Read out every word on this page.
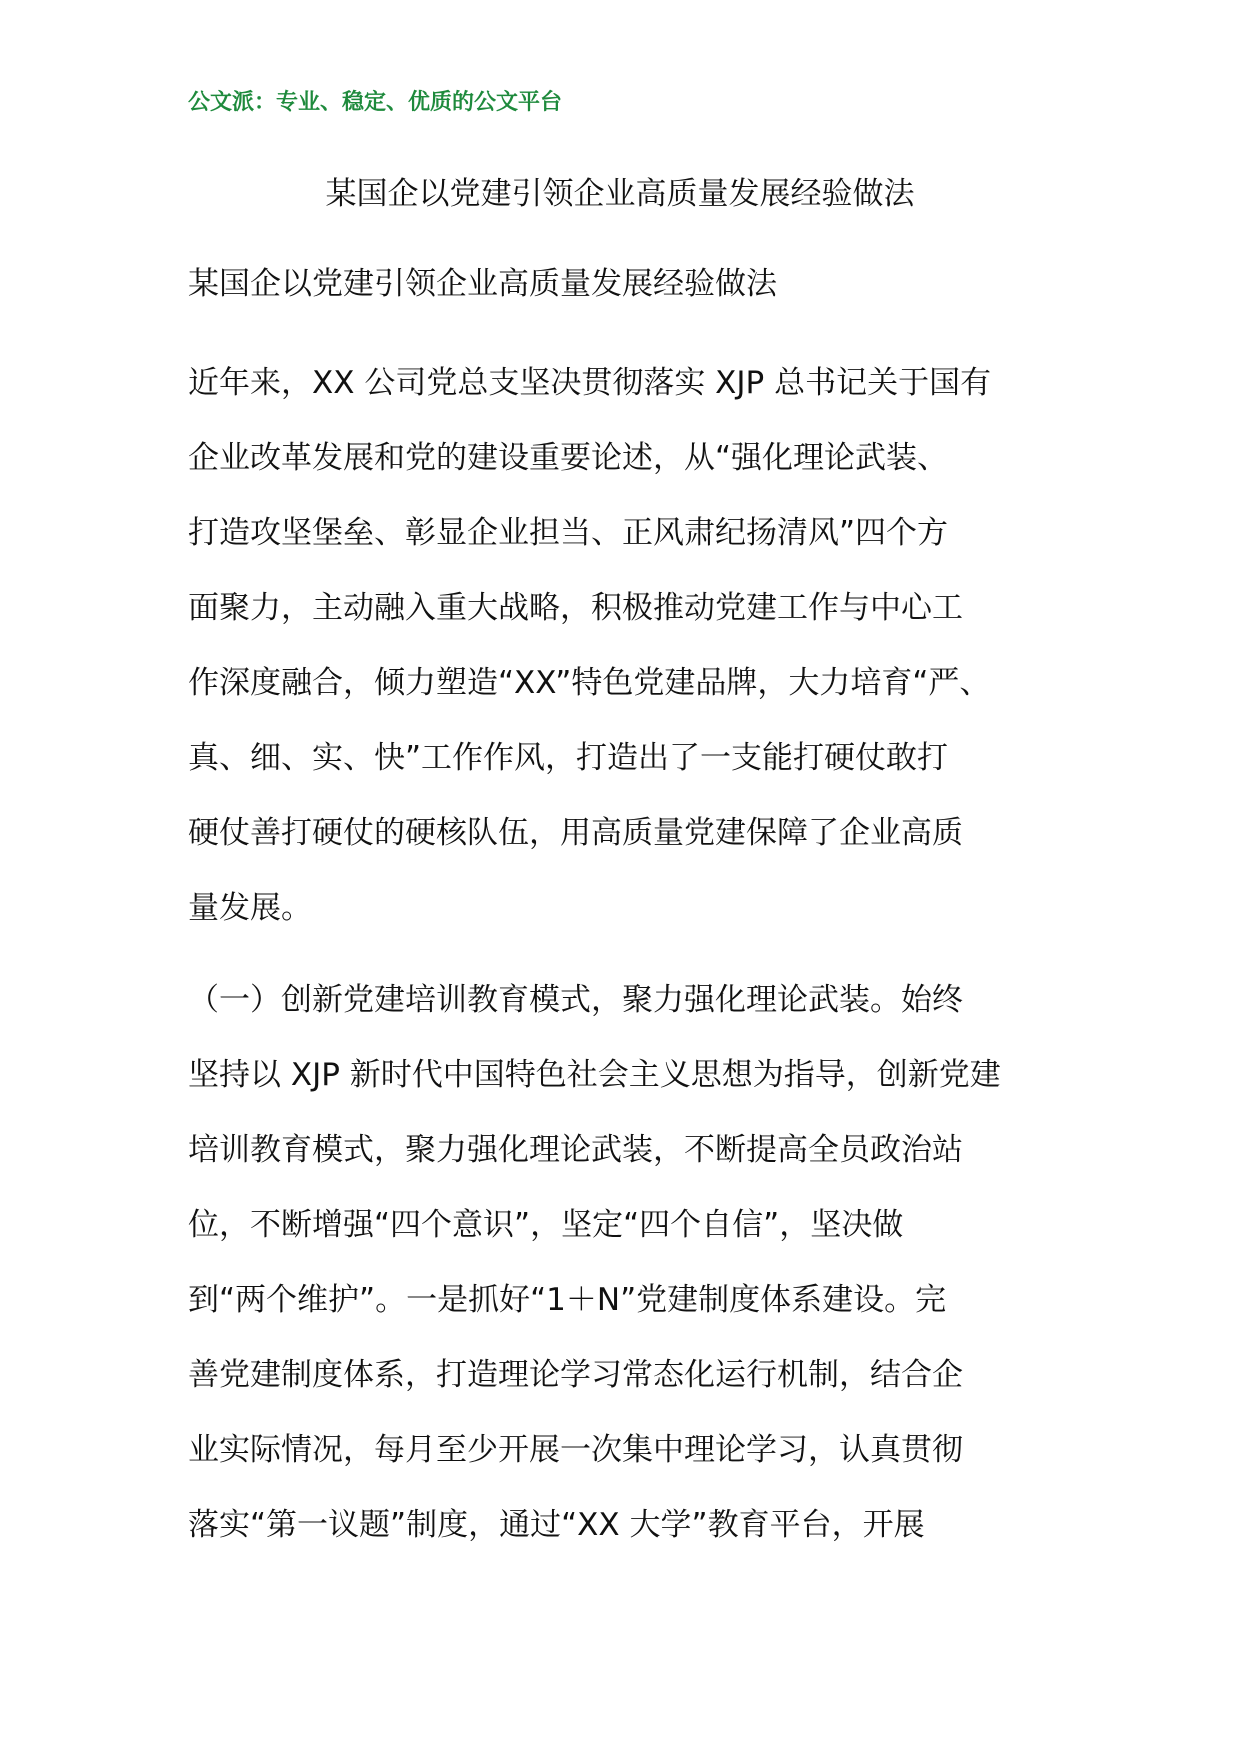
公文派：专业、稳定、优质的公文平台
某国企以党建引领企业高质量发展经验做法
某国企以党建引领企业高质量发展经验做法
近年来，XX 公司党总支坚决贯彻落实 XJP 总书记关于国有
企业改革发展和党的建设重要论述，从“强化理论武装、
打造攻坚堡垒、彰显企业担当、正风肃纪扬清风”四个方
面聚力，主动融入重大战略，积极推动党建工作与中心工
作深度融合，倾力塑造“XX”特色党建品牌，大力培育“严、
真、细、实、快”工作作风，打造出了一支能打硬仗敢打
硬仗善打硬仗的硬核队伍，用高质量党建保障了企业高质
量发展。
（一）创新党建培训教育模式，聚力强化理论武装。始终
坚持以 XJP 新时代中国特色社会主义思想为指导，创新党建
培训教育模式，聚力强化理论武装，不断提高全员政治站
位，不断增强“四个意识”，坚定“四个自信”，坚决做
到“两个维护”。一是抓好“1＋N”党建制度体系建设。完
善党建制度体系，打造理论学习常态化运行机制，结合企
业实际情况，每月至少开展一次集中理论学习，认真贯彻
落实“第一议题”制度，通过“XX 大学”教育平台，开展
